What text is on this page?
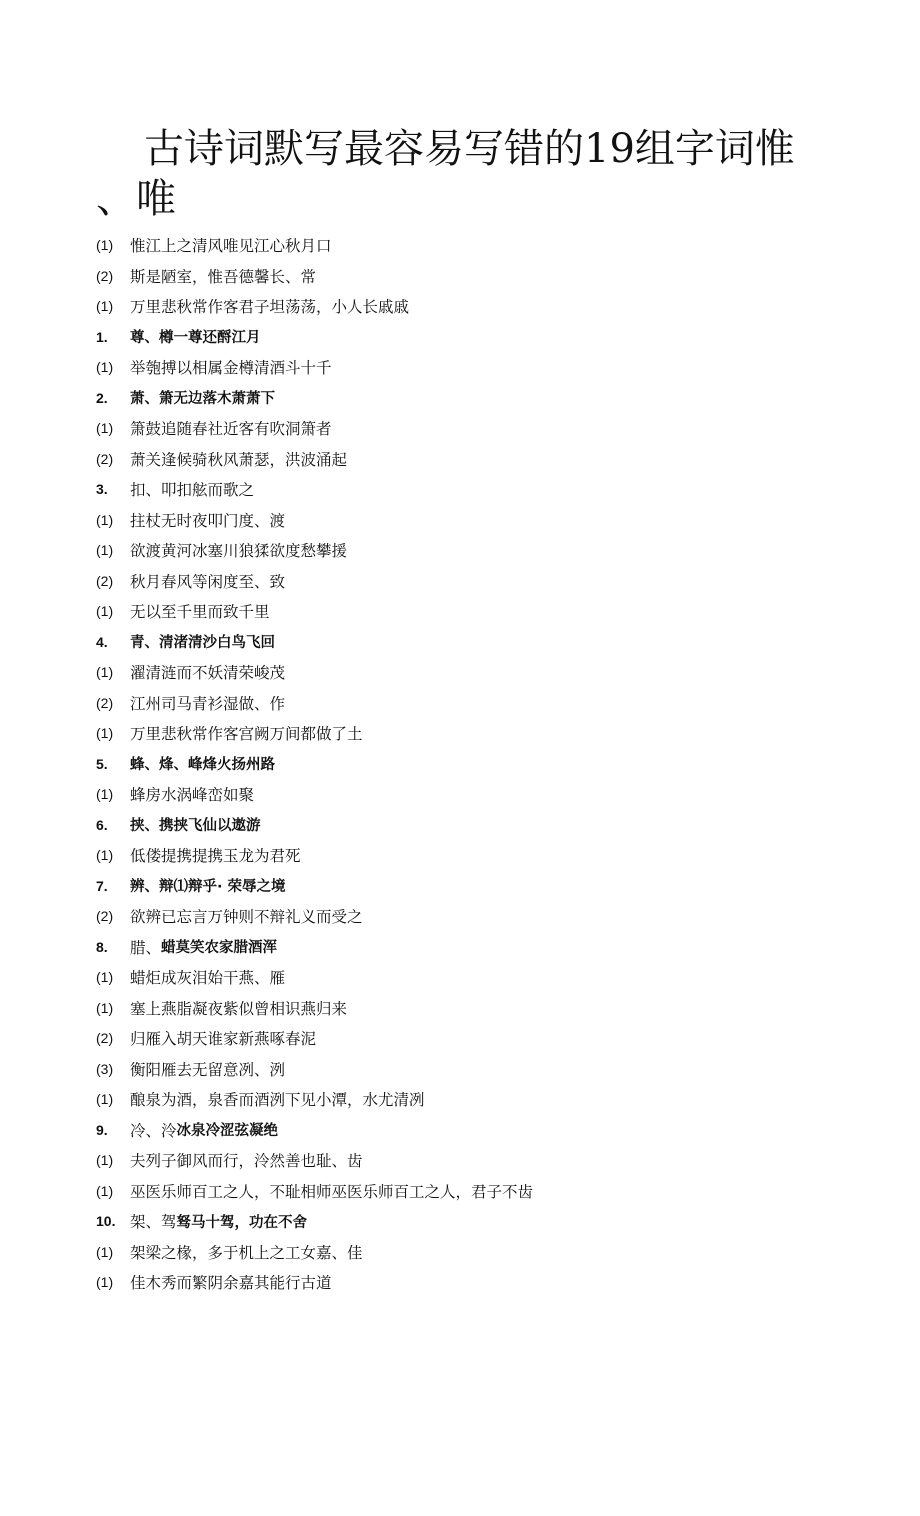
古诗词默写最容易写错的19组字词惟
、唯
(1)	惟江上之清风唯见江心秋月口
(2)	斯是陋室，惟吾德馨长、常
(1)	万里悲秋常作客君子坦荡荡，小人长戚戚
1.	尊、樽一尊还酹江月
(1)	举匏搏以相属金樽清酒斗十千
2.	萧、箫无边落木萧萧下
(1)	箫鼓追随春社近客有吹洞箫者
(2)	萧关逢候骑秋风萧瑟，洪波涌起
3.	扣、叩扣舷而歌之
(1)	拄杖无时夜叩门度、渡
(1)	欲渡黄河冰塞川狼猱欲度愁攀援
(2)	秋月春风等闲度至、致
(1)	无以至千里而致千里
4.	青、清渚清沙白鸟飞回
(1)	濯清涟而不妖清荣峻茂
(2)	江州司马青衫湿做、作
(1)	万里悲秋常作客宫阙万间都做了土
5.	蜂、烽、峰烽火扬州路
(1)	蜂房水涡峰峦如聚
6.	挟、携挟飞仙以遨游
(1)	低偻提携提携玉龙为君死
7.	辨、辩⑴辩乎· 荣辱之境
(2)	欲辨已忘言万钟则不辩礼义而受之
8.	腊、 蜡莫笑农家腊酒浑
(1)	蜡炬成灰泪始干燕、雁
(1)	塞上燕脂凝夜紫似曾相识燕归来
(2)	归雁入胡天谁家新燕啄春泥
(3)	衡阳雁去无留意冽、洌
(1)	酿泉为酒，泉香而酒洌下见小潭，水尤清冽
9.	冷、泠 冰泉冷涩弦凝绝
(1)	夫列子御风而行，泠然善也耻、齿
(1)	巫医乐师百工之人，不耻相师巫医乐师百工之人，君子不齿
10. 架、驾 驽马十驾，功在不舍
(1)	架梁之椽，多于机上之工女嘉、佳
(1)	佳木秀而繁阴余嘉其能行古道
